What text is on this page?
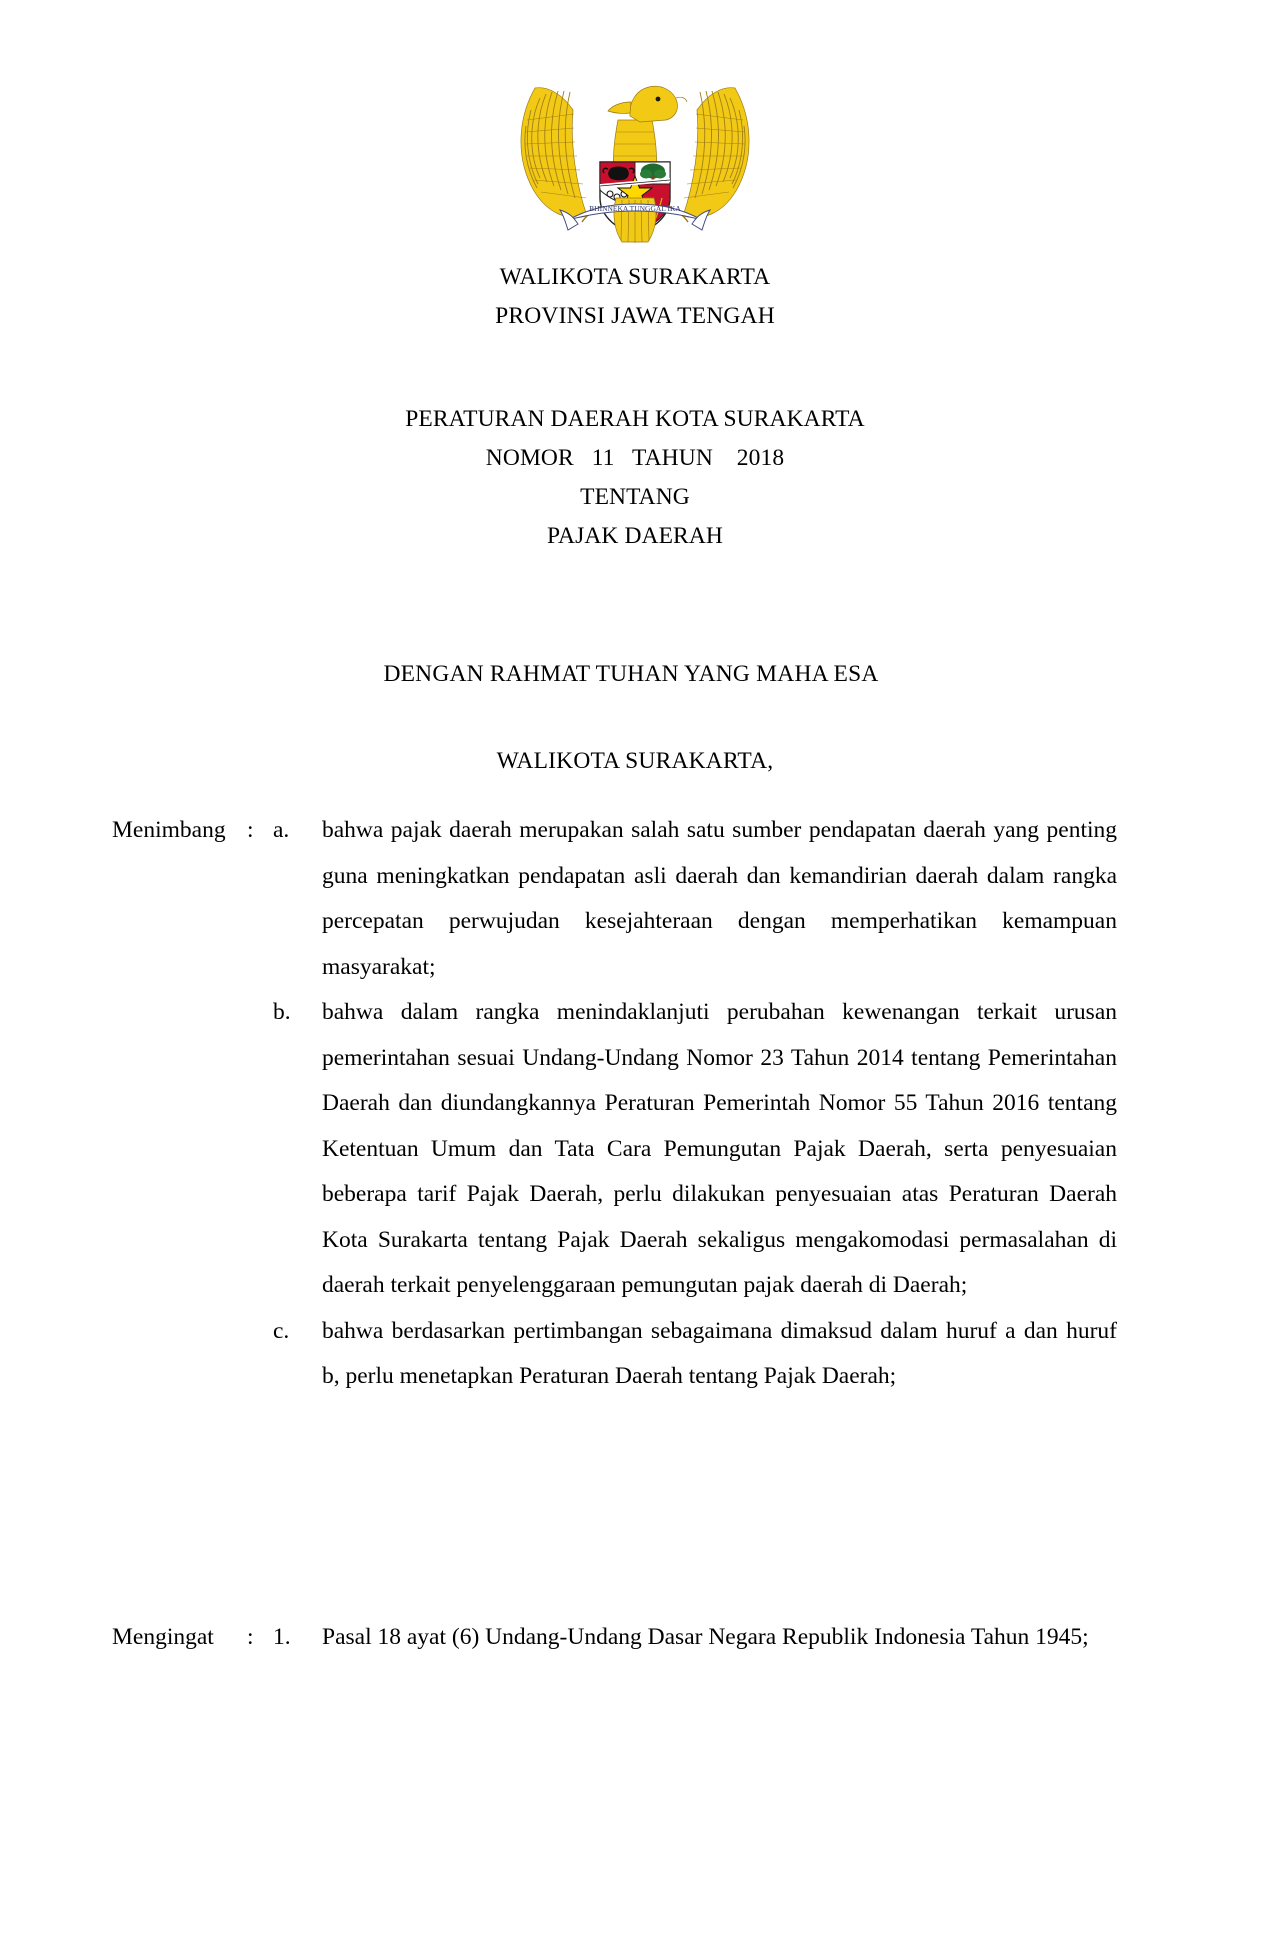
BHINNEKA TUNGGAL IKA
WALIKOTA SURAKARTA
PROVINSI JAWA TENGAH
PERATURAN DAERAH KOTA SURAKARTA
NOMOR   11   TAHUN    2018
TENTANG
PAJAK DAERAH
DENGAN RAHMAT TUHAN YANG MAHA ESA
WALIKOTA SURAKARTA,
Menimbang : a.	bahwa pajak daerah merupakan salah satu sumber pendapatan daerah yang penting guna meningkatkan pendapatan asli daerah dan kemandirian daerah dalam rangka percepatan perwujudan kesejahteraan dengan memperhatikan kemampuan masyarakat;
b.	bahwa dalam rangka menindaklanjuti perubahan kewenangan terkait urusan pemerintahan sesuai Undang-Undang Nomor 23 Tahun 2014 tentang Pemerintahan Daerah dan diundangkannya Peraturan Pemerintah Nomor 55 Tahun 2016 tentang Ketentuan Umum dan Tata Cara Pemungutan Pajak Daerah, serta penyesuaian beberapa tarif Pajak Daerah, perlu dilakukan penyesuaian atas Peraturan Daerah Kota Surakarta tentang Pajak Daerah sekaligus mengakomodasi permasalahan di daerah terkait penyelenggaraan pemungutan pajak daerah di Daerah;
c.	bahwa berdasarkan pertimbangan sebagaimana dimaksud dalam huruf a dan huruf b, perlu menetapkan Peraturan Daerah tentang Pajak Daerah;
Mengingat	: 1.	Pasal 18 ayat (6) Undang-Undang Dasar Negara Republik Indonesia Tahun 1945;
